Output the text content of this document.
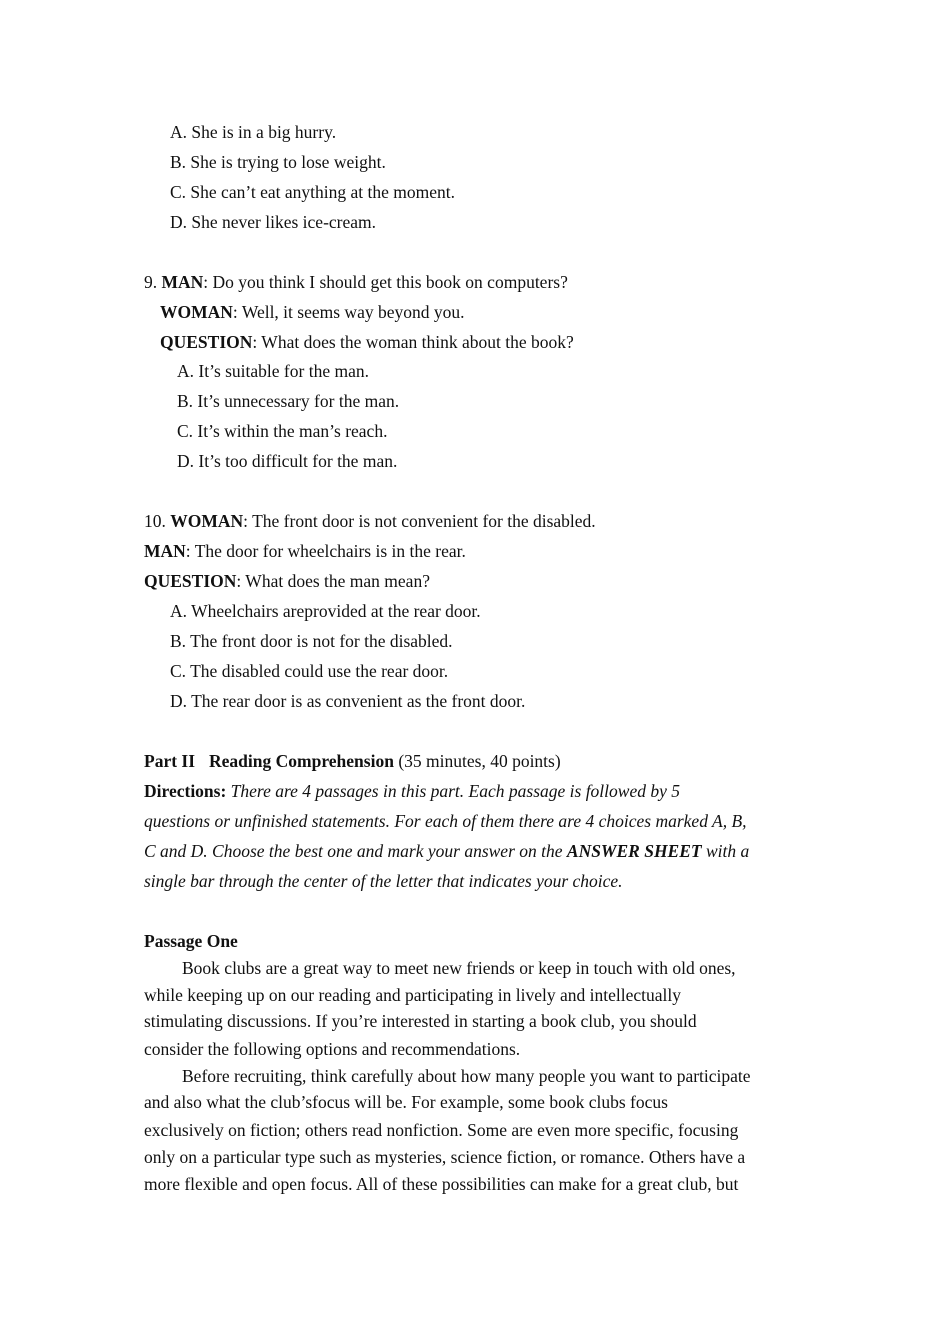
A. She is in a big hurry.
B. She is trying to lose weight.
C. She can’t eat anything at the moment.
D. She never likes ice-cream.
9. MAN: Do you think I should get this book on computers?
WOMAN: Well, it seems way beyond you.
QUESTION: What does the woman think about the book?
A. It’s suitable for the man.
B. It’s unnecessary for the man.
C. It’s within the man’s reach.
D. It’s too difficult for the man.
10. WOMAN: The front door is not convenient for the disabled.
MAN: The door for wheelchairs is in the rear.
QUESTION: What does the man mean?
A. Wheelchairs areprovided at the rear door.
B. The front door is not for the disabled.
C. The disabled could use the rear door.
D. The rear door is as convenient as the front door.
Part II Reading Comprehension (35 minutes, 40 points)
Directions: There are 4 passages in this part. Each passage is followed by 5
questions or unfinished statements. For each of them there are 4 choices marked A, B,
C and D. Choose the best one and mark your answer on the ANSWER SHEET with a
single bar through the center of the letter that indicates your choice.
Passage One
Book clubs are a great way to meet new friends or keep in touch with old ones,
while keeping up on our reading and participating in lively and intellectually
stimulating discussions. If you’re interested in starting a book club, you should
consider the following options and recommendations.
Before recruiting, think carefully about how many people you want to participate
and also what the club’sfocus will be. For example, some book clubs focus
exclusively on fiction; others read nonfiction. Some are even more specific, focusing
only on a particular type such as mysteries, science fiction, or romance. Others have a
more flexible and open focus. All of these possibilities can make for a great club, but
